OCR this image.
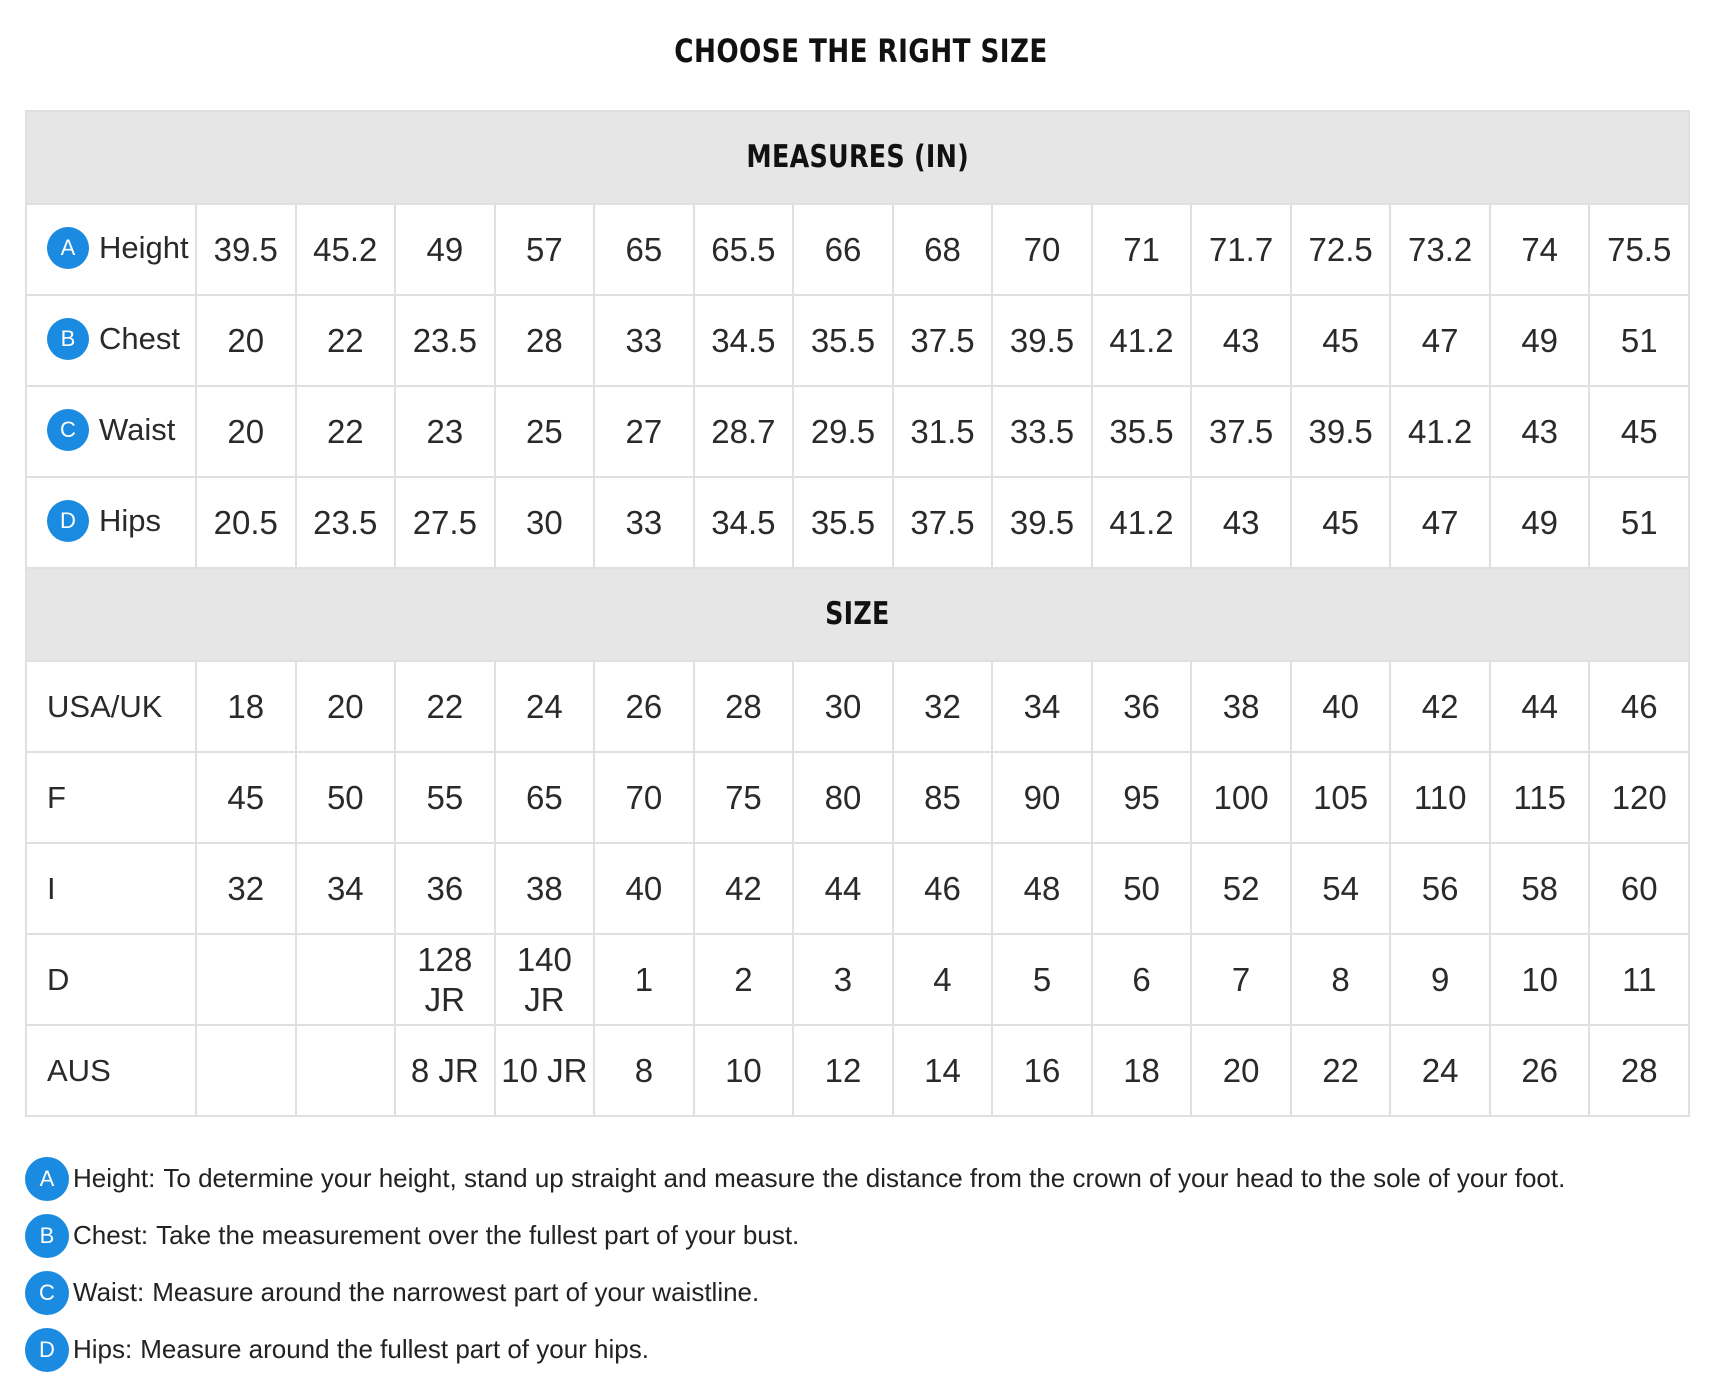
CHOOSE THE RIGHT SIZE
MEASURES (IN)															
A Height	39.5	45.2	49	57	65	65.5	66	68	70	71	71.7	72.5	73.2	74	75.5
B Chest	20	22	23.5	28	33	34.5	35.5	37.5	39.5	41.2	43	45	47	49	51
C Waist	20	22	23	25	27	28.7	29.5	31.5	33.5	35.5	37.5	39.5	41.2	43	45
D Hips	20.5	23.5	27.5	30	33	34.5	35.5	37.5	39.5	41.2	43	45	47	49	51
SIZE															
USA/UK	18	20	22	24	26	28	30	32	34	36	38	40	42	44	46
F	45	50	55	65	70	75	80	85	90	95	100	105	110	115	120
I	32	34	36	38	40	42	44	46	48	50	52	54	56	58	60
D			128 JR	140 JR	1	2	3	4	5	6	7	8	9	10	11
AUS			8 JR	10 JR	8	10	12	14	16	18	20	22	24	26	28
A Height: To determine your height, stand up straight and measure the distance from the crown of your head to the sole of your foot.
B Chest: Take the measurement over the fullest part of your bust.
C Waist: Measure around the narrowest part of your waistline.
D Hips: Measure around the fullest part of your hips.
